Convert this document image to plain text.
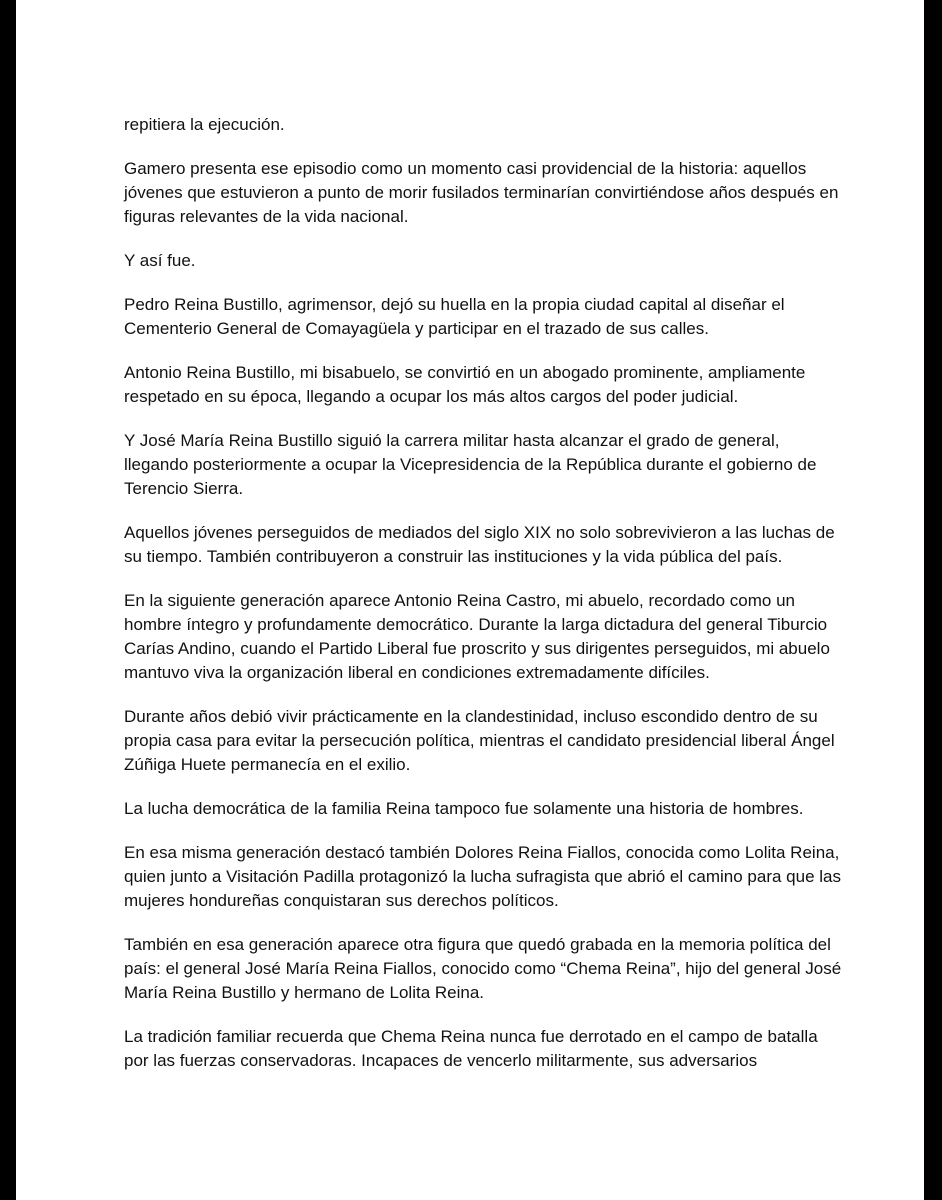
repitiera la ejecución.

Gamero presenta ese episodio como un momento casi providencial de la historia: aquellos jóvenes que estuvieron a punto de morir fusilados terminarían convirtiéndose años después en figuras relevantes de la vida nacional.

Y así fue.

Pedro Reina Bustillo, agrimensor, dejó su huella en la propia ciudad capital al diseñar el Cementerio General de Comayagüela y participar en el trazado de sus calles.

Antonio Reina Bustillo, mi bisabuelo, se convirtió en un abogado prominente, ampliamente respetado en su época, llegando a ocupar los más altos cargos del poder judicial.

Y José María Reina Bustillo siguió la carrera militar hasta alcanzar el grado de general, llegando posteriormente a ocupar la Vicepresidencia de la República durante el gobierno de Terencio Sierra.

Aquellos jóvenes perseguidos de mediados del siglo XIX no solo sobrevivieron a las luchas de su tiempo. También contribuyeron a construir las instituciones y la vida pública del país.

En la siguiente generación aparece Antonio Reina Castro, mi abuelo, recordado como un hombre íntegro y profundamente democrático. Durante la larga dictadura del general Tiburcio Carías Andino, cuando el Partido Liberal fue proscrito y sus dirigentes perseguidos, mi abuelo mantuvo viva la organización liberal en condiciones extremadamente difíciles.

Durante años debió vivir prácticamente en la clandestinidad, incluso escondido dentro de su propia casa para evitar la persecución política, mientras el candidato presidencial liberal Ángel Zúñiga Huete permanecía en el exilio.

La lucha democrática de la familia Reina tampoco fue solamente una historia de hombres.

En esa misma generación destacó también Dolores Reina Fiallos, conocida como Lolita Reina, quien junto a Visitación Padilla protagonizó la lucha sufragista que abrió el camino para que las mujeres hondureñas conquistaran sus derechos políticos.

También en esa generación aparece otra figura que quedó grabada en la memoria política del país: el general José María Reina Fiallos, conocido como “Chema Reina”, hijo del general José María Reina Bustillo y hermano de Lolita Reina.

La tradición familiar recuerda que Chema Reina nunca fue derrotado en el campo de batalla por las fuerzas conservadoras. Incapaces de vencerlo militarmente, sus adversarios
